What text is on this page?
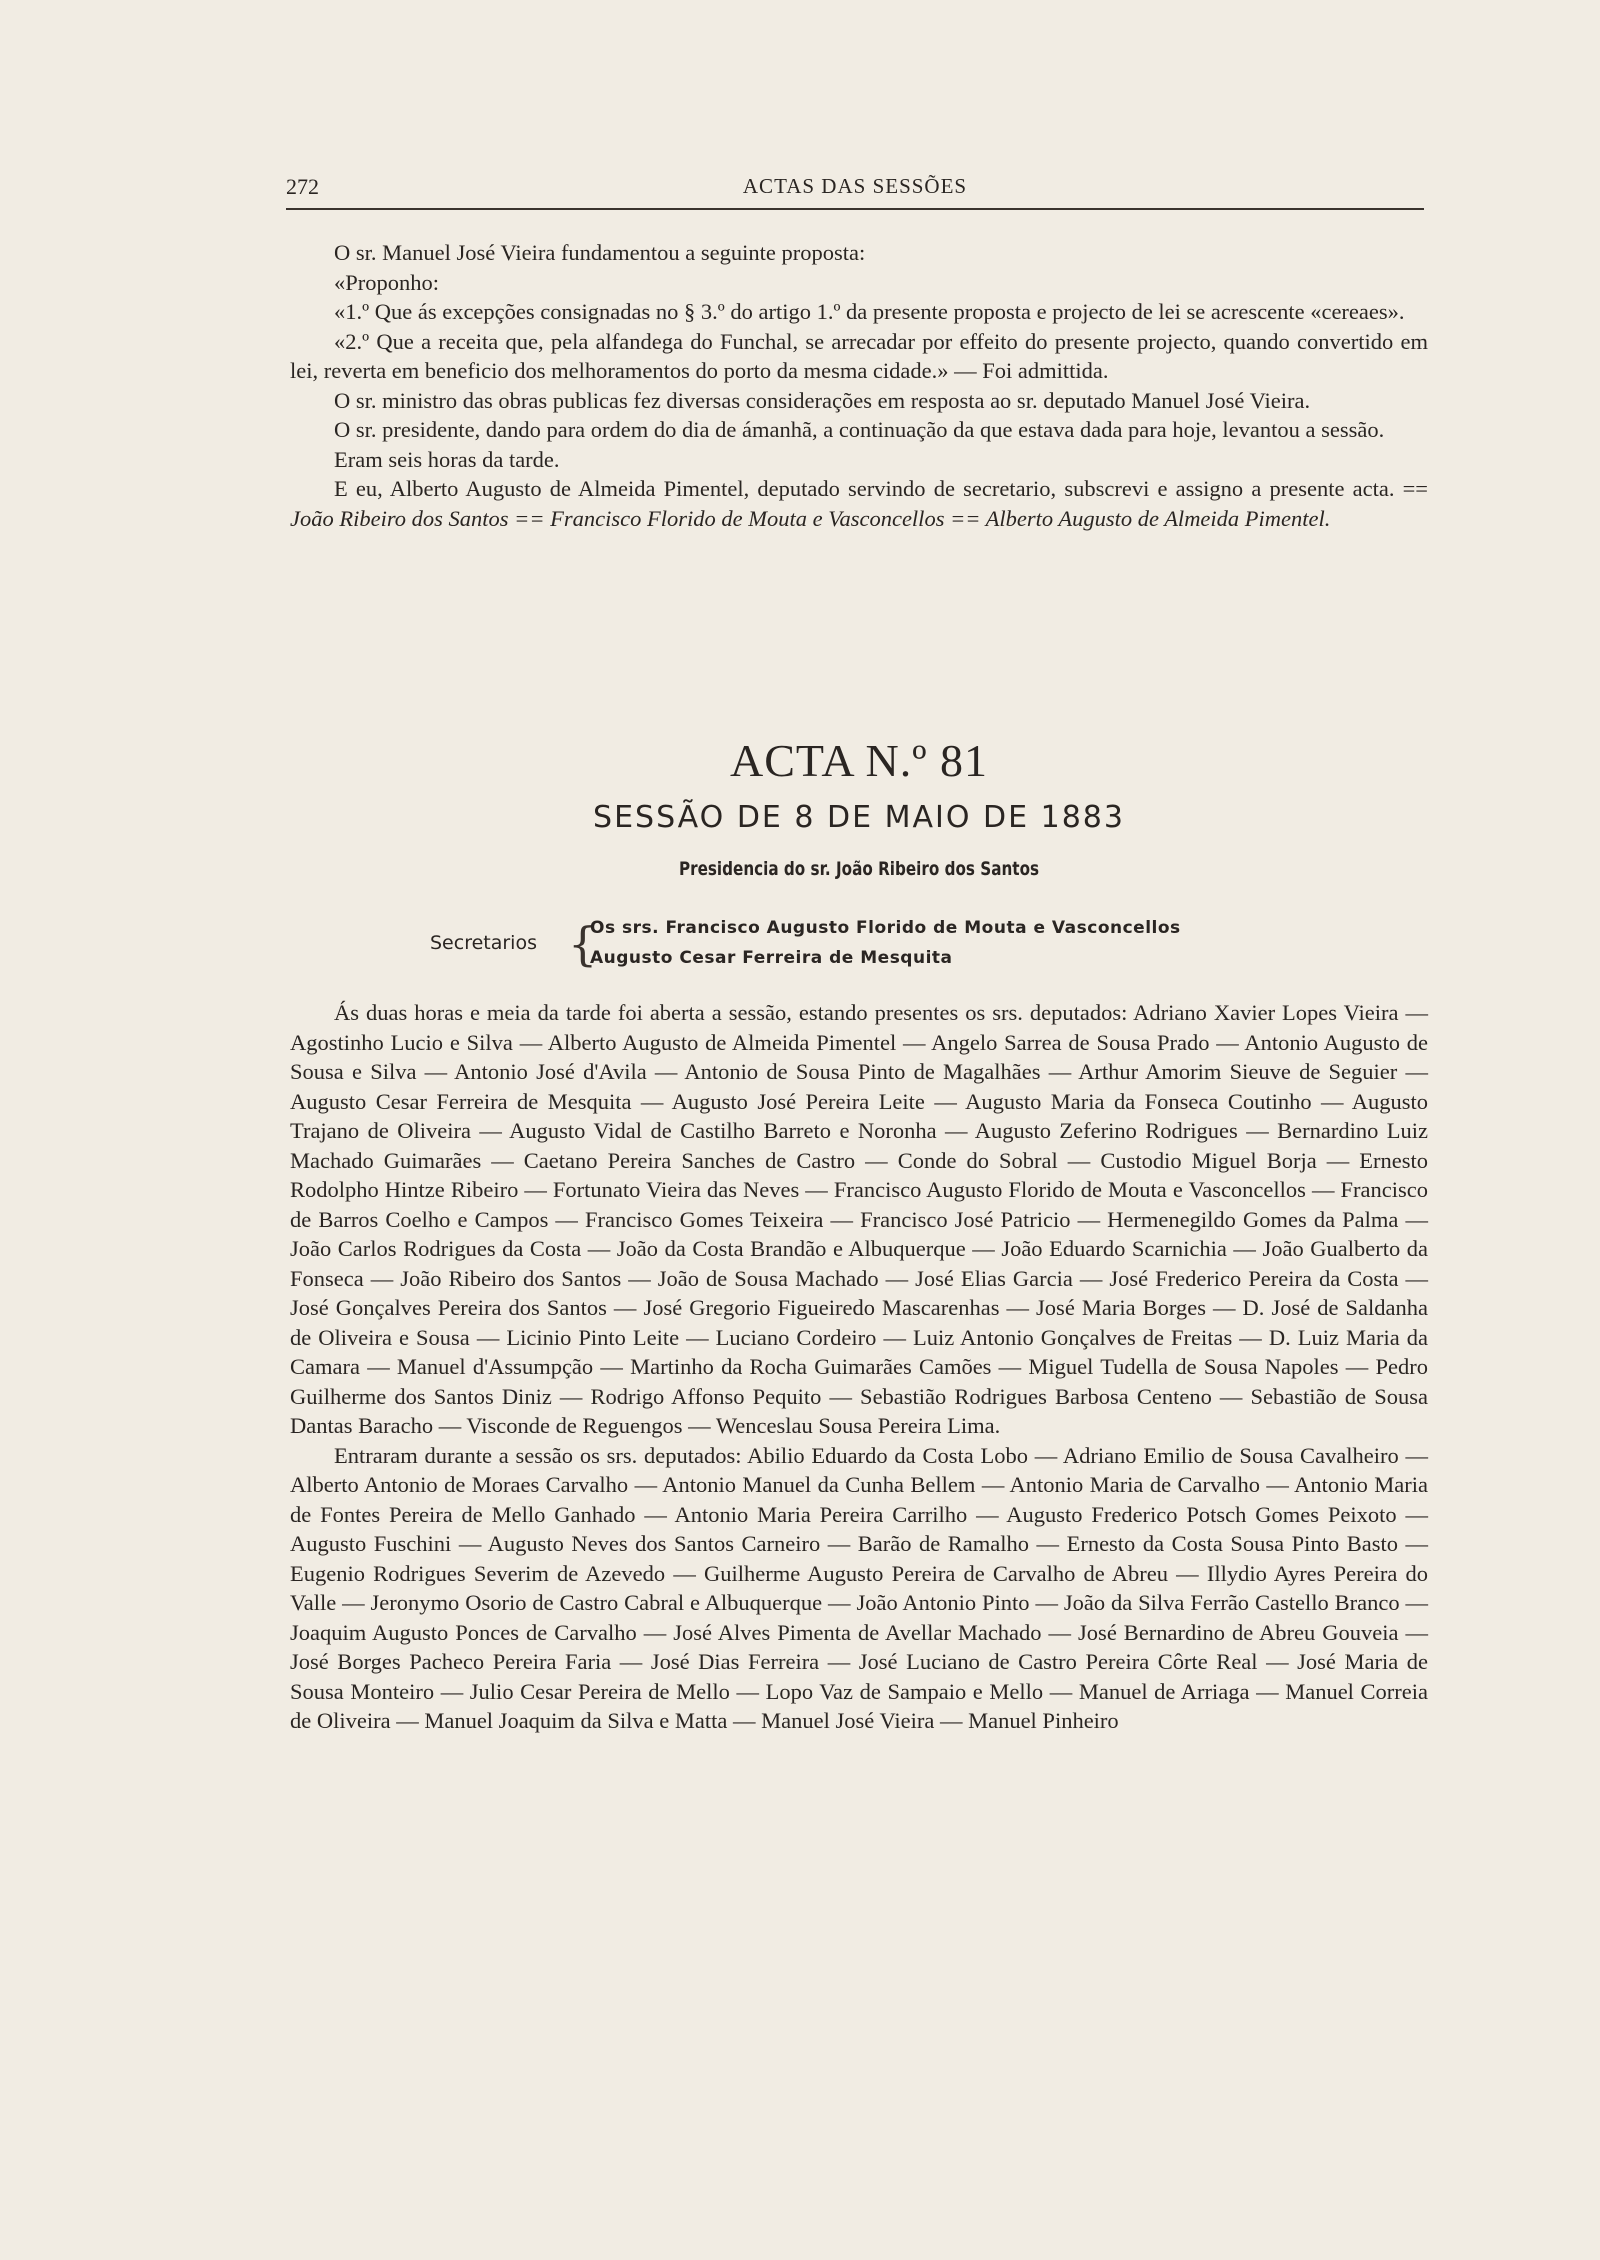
272	ACTAS DAS SESSÕES

O sr. Manuel José Vieira fundamentou a seguinte proposta:

«Proponho:

«1.º Que ás excepções consignadas no § 3.º do artigo 1.º da presente proposta e projecto de lei se acrescente «cereaes».

«2.º Que a receita que, pela alfandega do Funchal, se arrecadar por effeito do presente projecto, quando convertido em lei, reverta em beneficio dos melhoramentos do porto da mesma cidade.» — Foi admittida.

O sr. ministro das obras publicas fez diversas considerações em resposta ao sr. deputado Manuel José Vieira.

O sr. presidente, dando para ordem do dia de ámanhã, a continuação da que estava dada para hoje, levantou a sessão.

Eram seis horas da tarde.

E eu, Alberto Augusto de Almeida Pimentel, deputado servindo de secretario, subscrevi e assigno a presente acta. == João Ribeiro dos Santos == Francisco Florido de Mouta e Vasconcellos == Alberto Augusto de Almeida Pimentel.

ACTA N.º 81
SESSÃO DE 8 DE MAIO DE 1883
Presidencia do sr. João Ribeiro dos Santos
Secretarios {
Os srs. Francisco Augusto Florido de Mouta e Vasconcellos
Augusto Cesar Ferreira de Mesquita

Ás duas horas e meia da tarde foi aberta a sessão, estando presentes os srs. deputados: Adriano Xavier Lopes Vieira — Agostinho Lucio e Silva — Alberto Augusto de Almeida Pimentel — Angelo Sarrea de Sousa Prado — Antonio Augusto de Sousa e Silva — Antonio José d'Avila — Antonio de Sousa Pinto de Magalhães — Arthur Amorim Sieuve de Seguier — Augusto Cesar Ferreira de Mesquita — Augusto José Pereira Leite — Augusto Maria da Fonseca Coutinho — Augusto Trajano de Oliveira — Augusto Vidal de Castilho Barreto e Noronha — Augusto Zeferino Rodrigues — Bernardino Luiz Machado Guimarães — Caetano Pereira Sanches de Castro — Conde do Sobral — Custodio Miguel Borja — Ernesto Rodolpho Hintze Ribeiro — Fortunato Vieira das Neves — Francisco Augusto Florido de Mouta e Vasconcellos — Francisco de Barros Coelho e Campos — Francisco Gomes Teixeira — Francisco José Patricio — Hermenegildo Gomes da Palma — João Carlos Rodrigues da Costa — João da Costa Brandão e Albuquerque — João Eduardo Scarnichia — João Gualberto da Fonseca — João Ribeiro dos Santos — João de Sousa Machado — José Elias Garcia — José Frederico Pereira da Costa — José Gonçalves Pereira dos Santos — José Gregorio Figueiredo Mascarenhas — José Maria Borges — D. José de Saldanha de Oliveira e Sousa — Licinio Pinto Leite — Luciano Cordeiro — Luiz Antonio Gonçalves de Freitas — D. Luiz Maria da Camara — Manuel d'Assumpção — Martinho da Rocha Guimarães Camões — Miguel Tudella de Sousa Napoles — Pedro Guilherme dos Santos Diniz — Rodrigo Affonso Pequito — Sebastião Rodrigues Barbosa Centeno — Sebastião de Sousa Dantas Baracho — Visconde de Reguengos — Wenceslau Sousa Pereira Lima.

Entraram durante a sessão os srs. deputados: Abilio Eduardo da Costa Lobo — Adriano Emilio de Sousa Cavalheiro — Alberto Antonio de Moraes Carvalho — Antonio Manuel da Cunha Bellem — Antonio Maria de Carvalho — Antonio Maria de Fontes Pereira de Mello Ganhado — Antonio Maria Pereira Carrilho — Augusto Frederico Potsch Gomes Peixoto — Augusto Fuschini — Augusto Neves dos Santos Carneiro — Barão de Ramalho — Ernesto da Costa Sousa Pinto Basto — Eugenio Rodrigues Severim de Azevedo — Guilherme Augusto Pereira de Carvalho de Abreu — Illydio Ayres Pereira do Valle — Jeronymo Osorio de Castro Cabral e Albuquerque — João Antonio Pinto — João da Silva Ferrão Castello Branco — Joaquim Augusto Ponces de Carvalho — José Alves Pimenta de Avellar Machado — José Bernardino de Abreu Gouveia — José Borges Pacheco Pereira Faria — José Dias Ferreira — José Luciano de Castro Pereira Côrte Real — José Maria de Sousa Monteiro — Julio Cesar Pereira de Mello — Lopo Vaz de Sampaio e Mello — Manuel de Arriaga — Manuel Correia de Oliveira — Manuel Joaquim da Silva e Matta — Manuel José Vieira — Manuel Pinheiro
